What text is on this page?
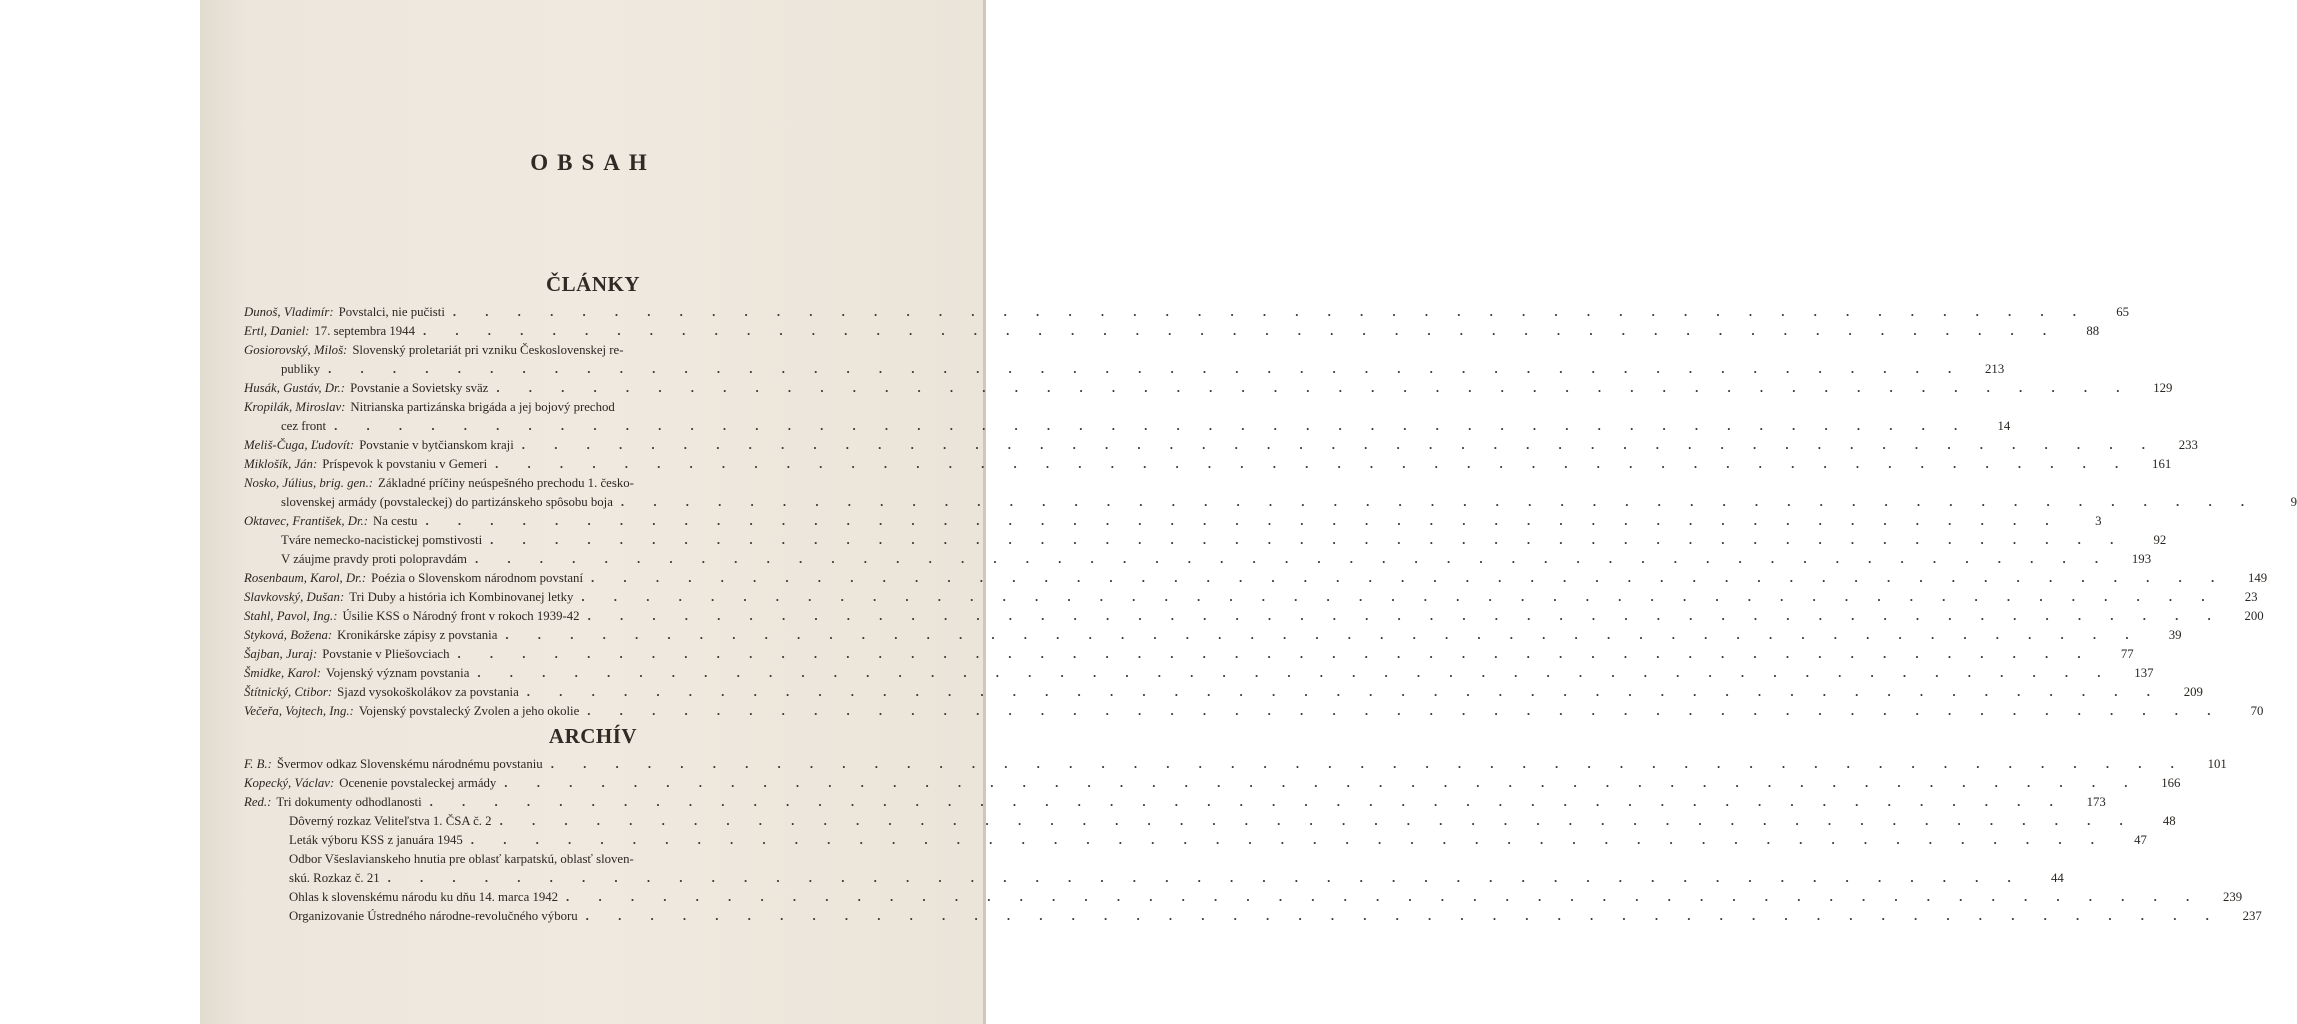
OBSAH
ČLÁNKY
Dunoš, Vladimír: Povstalci, nie pučisti . . .	65
Ertl, Daniel: 17. septembra 1944 . . .	88
Gosiorovský, Miloš: Slovenský proletariát pri vzniku Československej re-
publiky . . .	213
Husák, Gustáv, Dr.: Povstanie a Sovietsky sväz . . .	129
Kropilák, Miroslav: Nitrianska partizánska brigáda a jej bojový prechod
cez front . . .	14
Meliš-Čuga, Ľudovít: Povstanie v bytčianskom kraji . . .	233
Miklošík, Ján: Príspevok k povstaniu v Gemeri . . .	161
Nosko, Július, brig. gen.: Základné príčiny neúspešného prechodu 1. česko-
slovenskej armády (povstaleckej) do partizánskeho spôsobu boja . . .	9
Oktavec, František, Dr.: Na cestu . . .	3
Tváre nemecko-nacistickej pomstivosti . . .	92
V záujme pravdy proti polopravdám . . .	193
Rosenbaum, Karol, Dr.: Poézia o Slovenskom národnom povstaní . . .	149
Slavkovský, Dušan: Tri Duby a história ich Kombinovanej letky . . .	23
Stahl, Pavol, Ing.: Úsilie KSS o Národný front v rokoch 1939-42 . . .	200
Styková, Božena: Kronikárske zápisy z povstania . . .	39
Šajban, Juraj: Povstanie v Pliešovciach . . .	77
Šmidke, Karol: Vojenský význam povstania . . .	137
Štítnický, Ctibor: Sjazd vysokoškolákov za povstania . . .	209
Večeřa, Vojtech, Ing.: Vojenský povstalecký Zvolen a jeho okolie . . .	70
ARCHÍV
F. B.: Švermov odkaz Slovenskému národnému povstaniu . . .	101
Kopecký, Václav: Ocenenie povstaleckej armády . . .	166
Red.: Tri dokumenty odhodlanosti . . .	173
Dôverný rozkaz Veliteľstva 1. ČSA č. 2 . . .	48
Leták výboru KSS z januára 1945 . . .	47
Odbor Všeslavianskeho hnutia pre oblasť karpatskú, oblasť sloven-
skú. Rozkaz č. 21 . . .	44
Ohlas k slovenskému národu ku dňu 14. marca 1942 . . .	239
Organizovanie Ústredného národne-revolučného výboru . . .	237
